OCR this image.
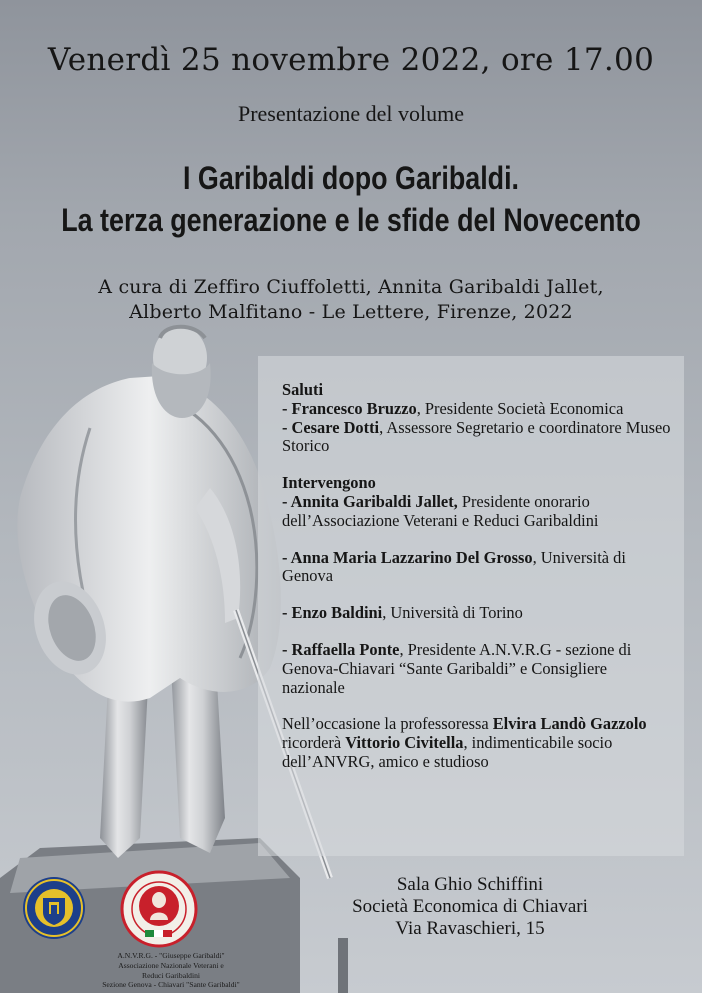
Venerdì 25 novembre 2022, ore 17.00
Presentazione del volume
I Garibaldi dopo Garibaldi.
La terza generazione e le sfide del Novecento
A cura di Zeffiro Ciuffoletti, Annita Garibaldi Jallet,
Alberto Malfitano - Le Lettere, Firenze, 2022

Saluti

- Francesco Bruzzo, Presidente Società Economica

- Cesare Dotti, Assessore Segretario e coordinatore Museo Storico

Intervengono

- Annita Garibaldi Jallet, Presidente onorario dell’Associazione Veterani e Reduci Garibaldini

- Anna Maria Lazzarino Del Grosso, Università di Genova

- Enzo Baldini, Università di Torino

- Raffaella Ponte, Presidente A.N.V.R.G - sezione di Genova-Chiavari “Sante Garibaldi” e Consigliere nazionale

Nell’occasione la professoressa Elvira Landò Gazzolo ricorderà Vittorio Civitella, indimenticabile socio dell’ANVRG, amico e studioso

Sala Ghio Schiffini
Società Economica di Chiavari
Via Ravaschieri, 15
A.N.V.R.G. - "Giuseppe Garibaldi"
Associazione Nazionale Veterani e
Reduci Garibaldini
Sezione Genova - Chiavari "Sante Garibaldi"
